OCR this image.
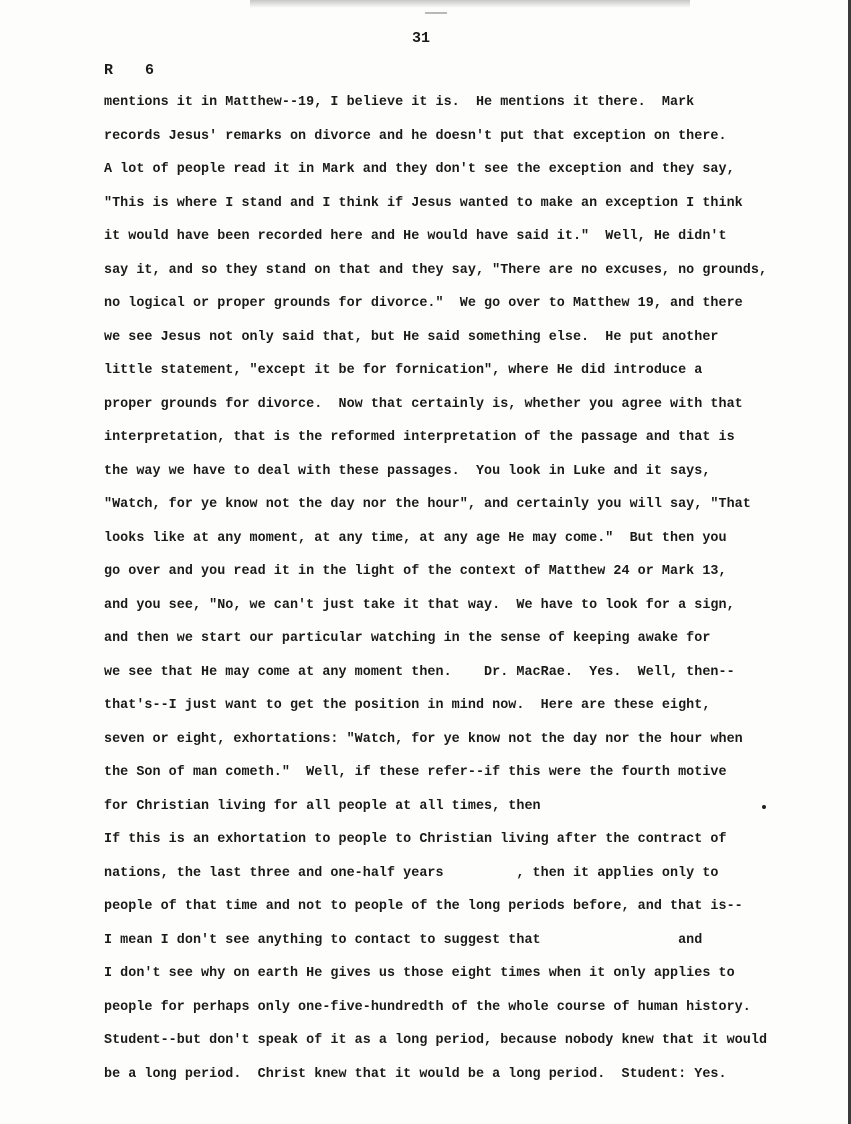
31
R 6
mentions it in Matthew--19, I believe it is.  He mentions it there.  Mark
records Jesus' remarks on divorce and he doesn't put that exception on there.
A lot of people read it in Mark and they don't see the exception and they say,
"This is where I stand and I think if Jesus wanted to make an exception I think
it would have been recorded here and He would have said it."  Well, He didn't
say it, and so they stand on that and they say, "There are no excuses, no grounds,
no logical or proper grounds for divorce."  We go over to Matthew 19, and there
we see Jesus not only said that, but He said something else.  He put another
little statement, "except it be for fornication", where He did introduce a
proper grounds for divorce.  Now that certainly is, whether you agree with that
interpretation, that is the reformed interpretation of the passage and that is
the way we have to deal with these passages.  You look in Luke and it says,
"Watch, for ye know not the day nor the hour", and certainly you will say, "That
looks like at any moment, at any time, at any age He may come."  But then you
go over and you read it in the light of the context of Matthew 24 or Mark 13,
and you see, "No, we can't just take it that way.  We have to look for a sign,
and then we start our particular watching in the sense of keeping awake for
we see that He may come at any moment then.    Dr. MacRae.  Yes.  Well, then--
that's--I just want to get the position in mind now.  Here are these eight,
seven or eight, exhortations: "Watch, for ye know not the day nor the hour when
the Son of man cometh."  Well, if these refer--if this were the fourth motive
for Christian living for all people at all times, then
If this is an exhortation to people to Christian living after the contract of
nations, the last three and one-half years         , then it applies only to
people of that time and not to people of the long periods before, and that is--
I mean I don't see anything to contact to suggest that                 and
I don't see why on earth He gives us those eight times when it only applies to
people for perhaps only one-five-hundredth of the whole course of human history.
Student--but don't speak of it as a long period, because nobody knew that it would
be a long period.  Christ knew that it would be a long period.  Student: Yes.
